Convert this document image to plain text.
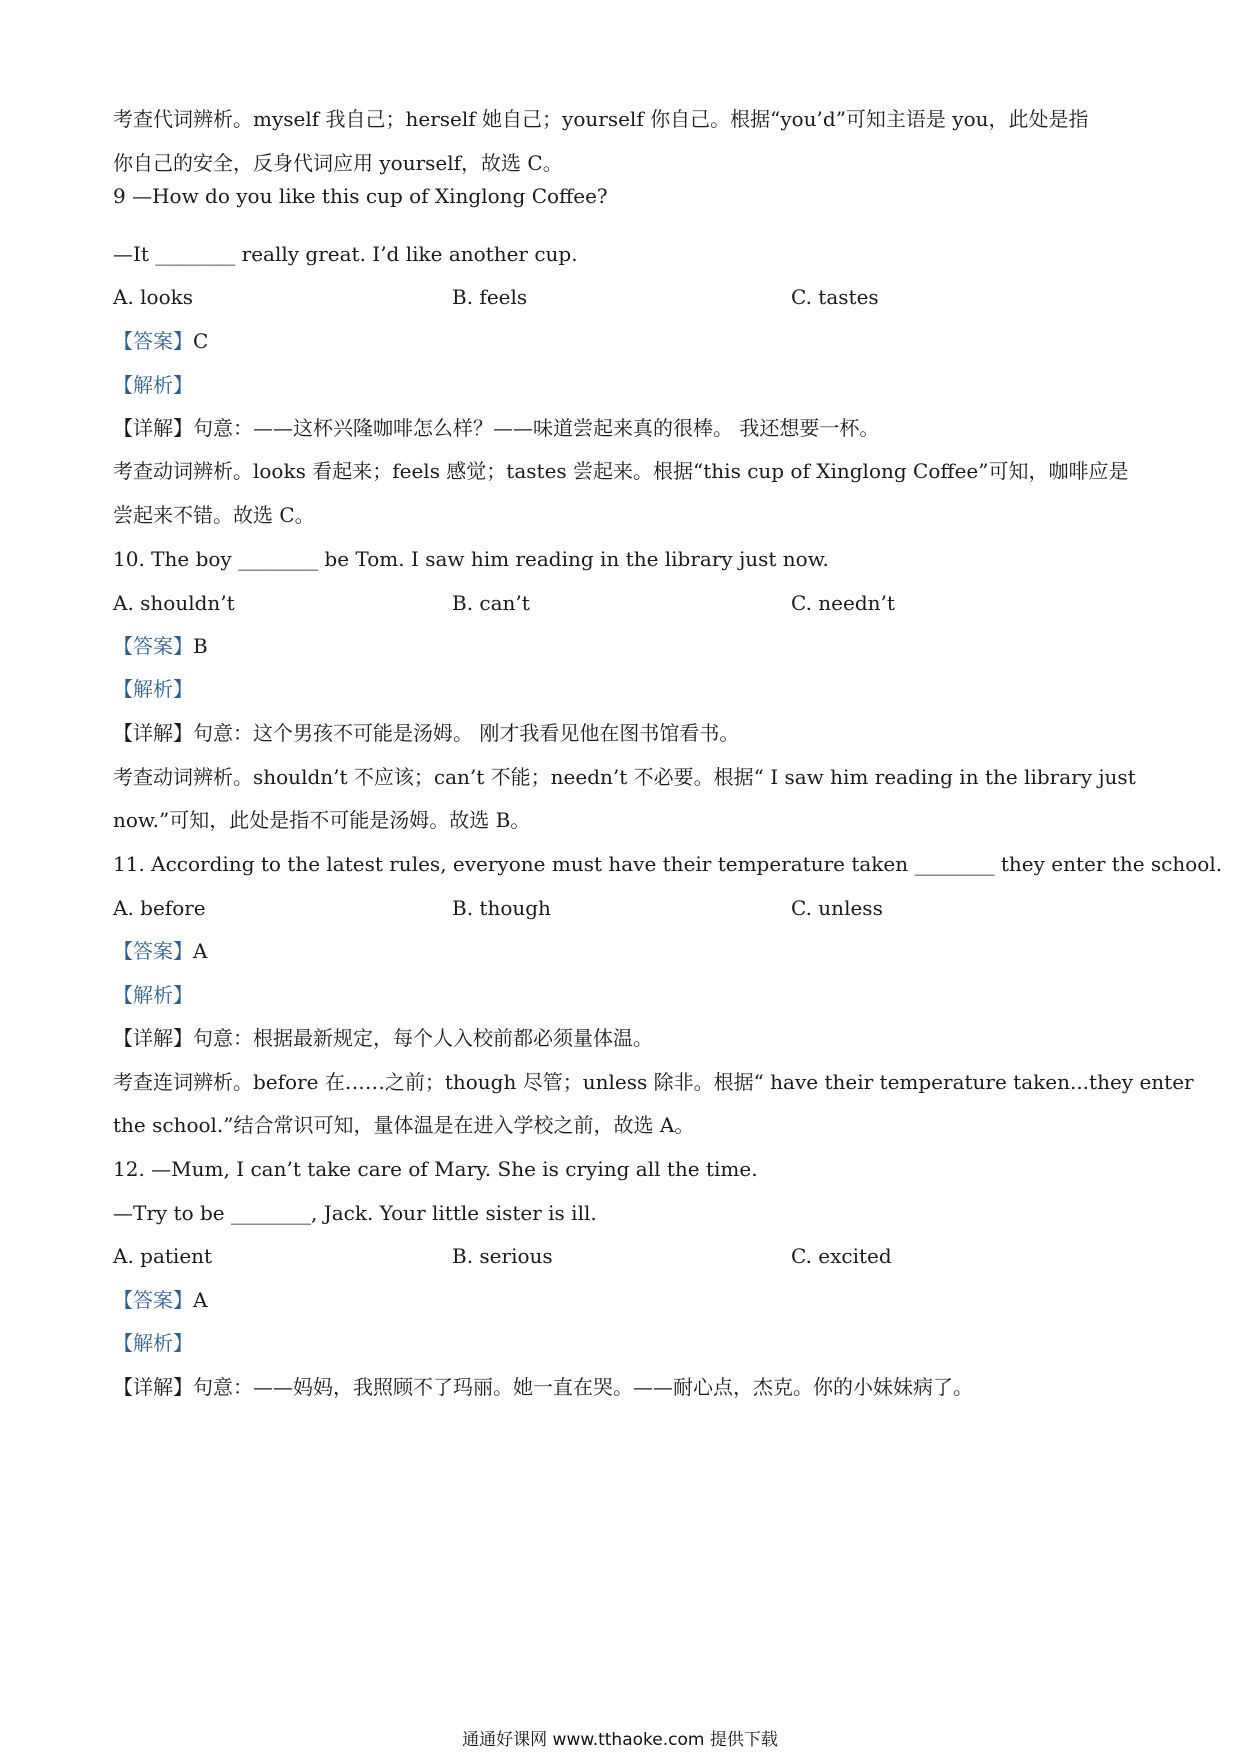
考查代词辨析。myself 我自己；herself 她自己；yourself 你自己。根据“you’d”可知主语是 you，此处是指
你自己的安全，反身代词应用 yourself，故选 C。
9 —How do you like this cup of Xinglong Coffee?
—It ________ really great. I’d like another cup.
A. looks	B. feels	C. tastes
【答案】C
【解析】
【详解】句意：——这杯兴隆咖啡怎么样？——味道尝起来真的很棒。 我还想要一杯。
考查动词辨析。looks 看起来；feels 感觉；tastes 尝起来。根据“this cup of Xinglong Coffee”可知，咖啡应是
尝起来不错。故选 C。
10. The boy ________ be Tom. I saw him reading in the library just now.
A. shouldn’t	B. can’t	C. needn’t
【答案】B
【解析】
【详解】句意：这个男孩不可能是汤姆。 刚才我看见他在图书馆看书。
考查动词辨析。shouldn’t 不应该；can’t 不能；needn’t 不必要。根据“ I saw him reading in the library just
now.”可知，此处是指不可能是汤姆。故选 B。
11. According to the latest rules, everyone must have their temperature taken ________ they enter the school.
A. before	B. though	C. unless
【答案】A
【解析】
【详解】句意：根据最新规定，每个人入校前都必须量体温。
考查连词辨析。before 在……之前；though 尽管；unless 除非。根据“ have their temperature taken...they enter
the school.”结合常识可知，量体温是在进入学校之前，故选 A。
12. —Mum, I can’t take care of Mary. She is crying all the time.
—Try to be ________, Jack. Your little sister is ill.
A. patient	B. serious	C. excited
【答案】A
【解析】
【详解】句意：——妈妈，我照顾不了玛丽。她一直在哭。——耐心点，杰克。你的小妹妹病了。
通通好课网 www.tthaoke.com 提供下载
